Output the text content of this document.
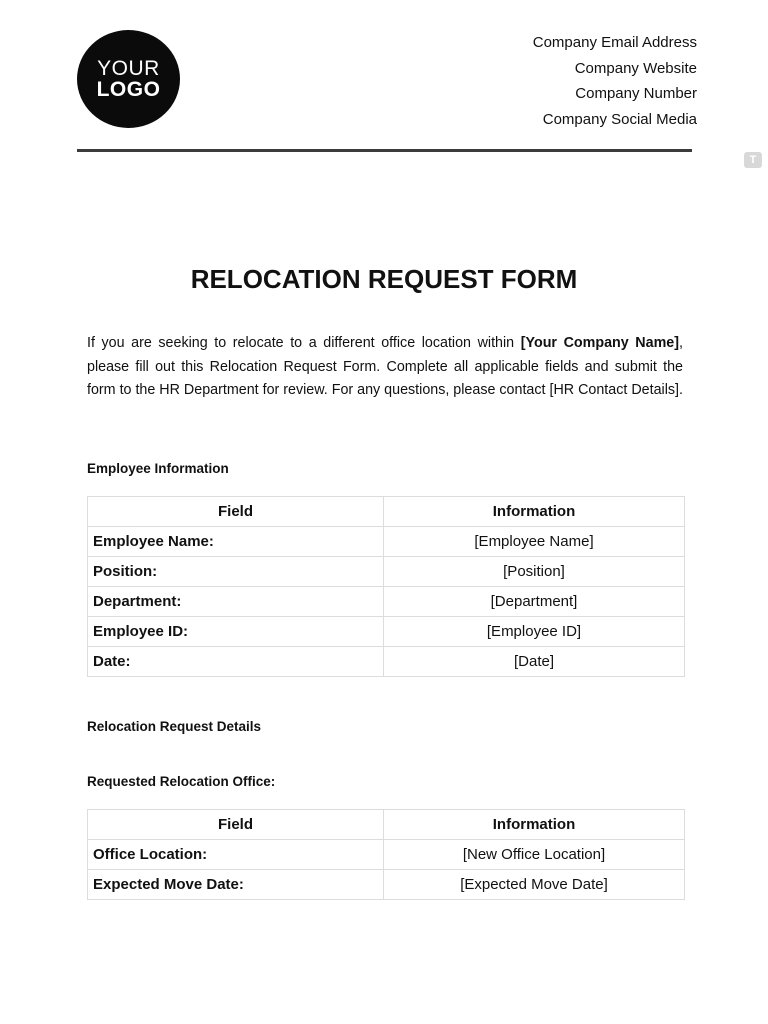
YOUR
LOGO
Company Email Address
Company Website
Company Number
Company Social Media
T
RELOCATION REQUEST FORM
If you are seeking to relocate to a different office location within [Your Company Name], please fill out this Relocation Request Form. Complete all applicable fields and submit the form to the HR Department for review. For any questions, please contact [HR Contact Details].
Employee Information
Field	Information
Employee Name:	[Employee Name]
Position:	[Position]
Department:	[Department]
Employee ID:	[Employee ID]
Date:	[Date]
Relocation Request Details
Requested Relocation Office:
Field	Information
Office Location:	[New Office Location]
Expected Move Date:	[Expected Move Date]
